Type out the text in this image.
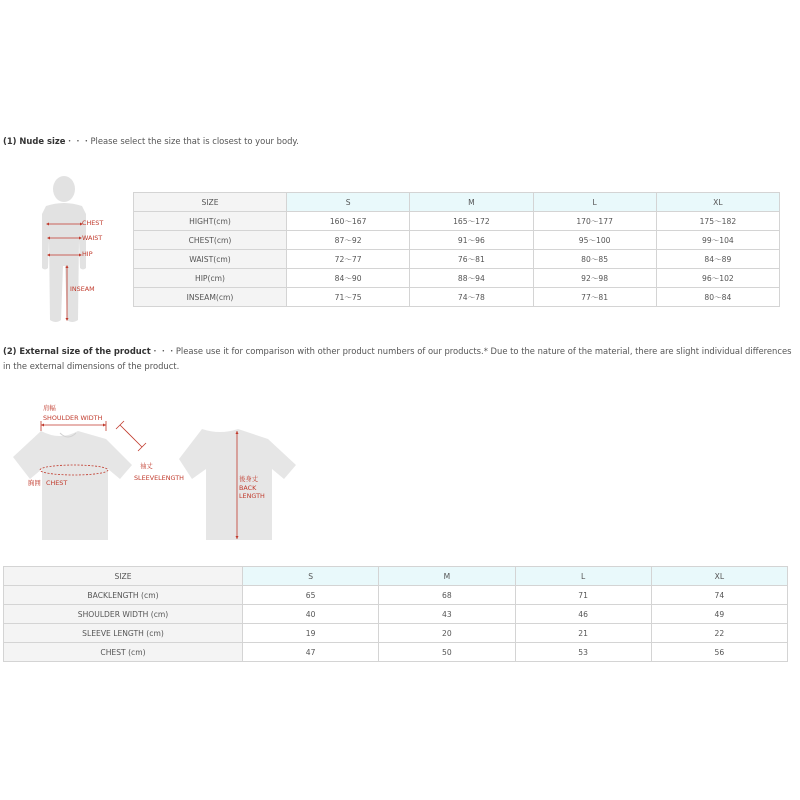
(1) Nude size・・・Please select the size that is closest to your body.
CHEST
WAIST
HIP
INSEAM
SIZE	S	M	L	XL
HIGHT(cm)	160～167	165～172	170～177	175～182
CHEST(cm)	87～92	91～96	95～100	99～104
WAIST(cm)	72～77	76～81	80～85	84～89
HIP(cm)	84～90	88～94	92～98	96～102
INSEAM(cm)	71～75	74～78	77～81	80～84
(2) External size of the product・・・Please use it for comparison with other product numbers of our products.* Due to the nature of the material, there are slight individual differences in the external dimensions of the product.
肩幅
SHOULDER WIDTH
袖丈
SLEEVELENGTH
胸囲 CHEST	後身丈
BACK
LENGTH
SIZE	S	M	L	XL
BACKLENGTH (cm)	65	68	71	74
SHOULDER WIDTH (cm)	40	43	46	49
SLEEVE LENGTH (cm)	19	20	21	22
CHEST (cm)	47	50	53	56
